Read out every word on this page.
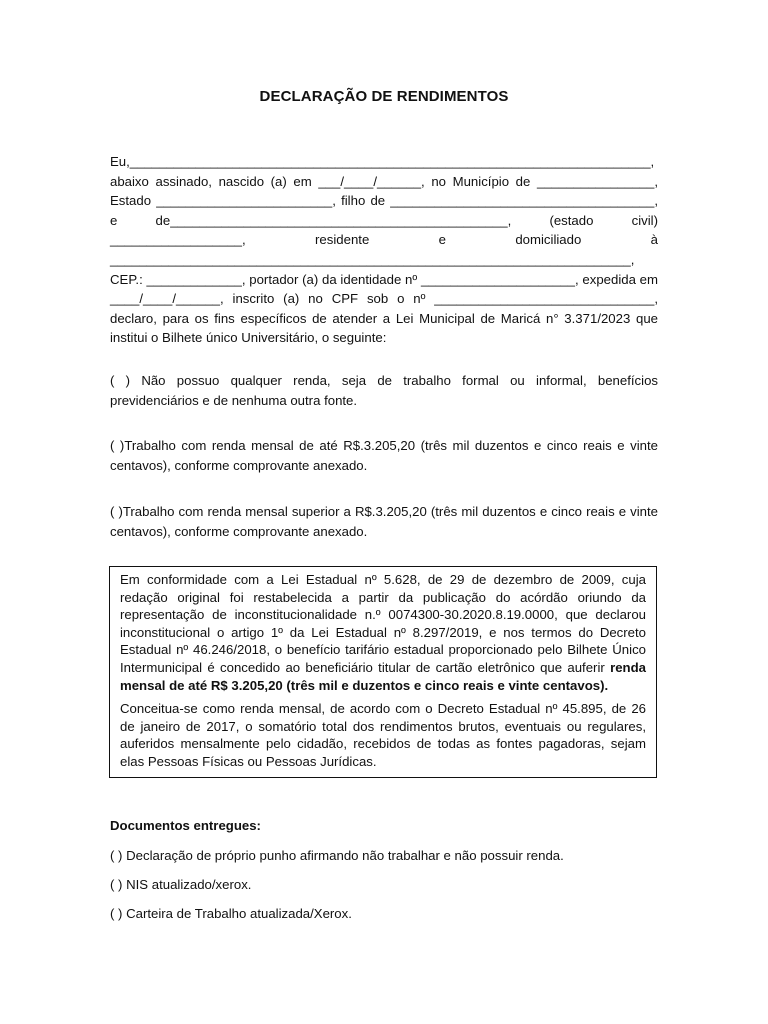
DECLARAÇÃO DE RENDIMENTOS
Eu,_______________________________________________________________________, abaixo assinado, nascido (a) em ___/____/______, no Município de ________________, Estado ________________________, filho de ____________________________________, e de______________________________________________, (estado civil) __________________, residente e domiciliado à _______________________________________________________________________, CEP.: _____________, portador (a) da identidade nº _____________________, expedida em ____/____/______, inscrito (a) no CPF sob o nº ______________________________, declaro, para os fins específicos de atender a Lei Municipal de Maricá n° 3.371/2023 que institui o Bilhete único Universitário, o seguinte:
( ) Não possuo qualquer renda, seja de trabalho formal ou informal, benefícios previdenciários e de nenhuma outra fonte.
( )Trabalho com renda mensal de até R$.3.205,20 (três mil duzentos e cinco reais e vinte centavos), conforme comprovante anexado.
( )Trabalho com renda mensal superior a R$.3.205,20 (três mil duzentos e cinco reais e vinte centavos), conforme comprovante anexado.

Em conformidade com a Lei Estadual nº 5.628, de 29 de dezembro de 2009, cuja redação original foi restabelecida a partir da publicação do acórdão oriundo da representação de inconstitucionalidade n.º 0074300-30.2020.8.19.0000, que declarou inconstitucional o artigo 1º da Lei Estadual nº 8.297/2019, e nos termos do Decreto Estadual nº 46.246/2018, o benefício tarifário estadual proporcionado pelo Bilhete Único Intermunicipal é concedido ao beneficiário titular de cartão eletrônico que auferir renda mensal de até R$ 3.205,20 (três mil e duzentos e cinco reais e vinte centavos).

Conceitua-se como renda mensal, de acordo com o Decreto Estadual nº 45.895, de 26 de janeiro de 2017, o somatório total dos rendimentos brutos, eventuais ou regulares, auferidos mensalmente pelo cidadão, recebidos de todas as fontes pagadoras, sejam elas Pessoas Físicas ou Pessoas Jurídicas.

Documentos entregues:
( ) Declaração de próprio punho afirmando não trabalhar e não possuir renda.
( ) NIS atualizado/xerox.
( ) Carteira de Trabalho atualizada/Xerox.
